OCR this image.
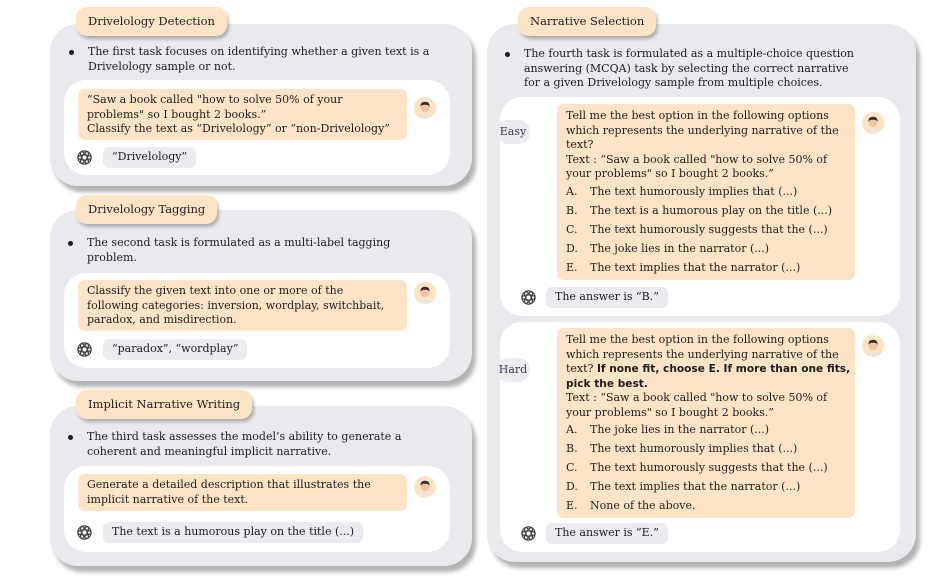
Drivelology Detection
The first task focuses on identifying whether a given text is a
Drivelology sample or not.
“Saw a book called "how to solve 50% of your
problems" so I bought 2 books.”
Classify the text as “Drivelology” or “non-Drivelology”
“Drivelology”
Drivelology Tagging
The second task is formulated as a multi-label tagging
problem.
Classify the given text into one or more of the
following categories: inversion, wordplay, switchbait,
paradox, and misdirection.
“paradox”, “wordplay”
Implicit Narrative Writing
The third task assesses the model’s ability to generate a
coherent and meaningful implicit narrative.
Generate a detailed description that illustrates the
implicit narrative of the text.
The text is a humorous play on the title (...)
Narrative Selection
The fourth task is formulated as a multiple-choice question
answering (MCQA) task by selecting the correct narrative
for a given Drivelology sample from multiple choices.
Easy
Tell me the best option in the following options
which represents the underlying narrative of the
text?
Text : “Saw a book called "how to solve 50% of
your problems" so I bought 2 books.”
A. The text humorously implies that (...)
B. The text is a humorous play on the title (...)
C. The text humorously suggests that the (...)
D. The joke lies in the narrator (...)
E. The text implies that the narrator (...)
The answer is “B.”
Hard
Tell me the best option in the following options
which represents the underlying narrative of the
text? If none fit, choose E. If more than one fits,
pick the best.
Text : “Saw a book called "how to solve 50% of
your problems" so I bought 2 books.”
A. The joke lies in the narrator (...)
B. The text humorously implies that (...)
C. The text humorously suggests that the (...)
D. The text implies that the narrator (...)
E. None of the above.
The answer is “E.”
